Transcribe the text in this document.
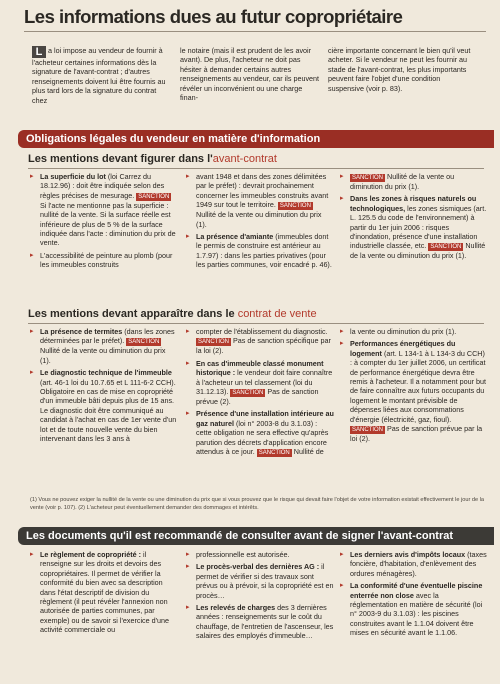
Les informations dues au futur copropriétaire
L a loi impose au vendeur de fournir à l'acheteur certaines informations dès la signature de l'avant-contrat ; d'autres renseignements doivent lui être fournis au plus tard lors de la signature du contrat chez
le notaire (mais il est prudent de les avoir avant). De plus, l'acheteur ne doit pas hésiter à demander certains autres renseignements au vendeur, car ils peuvent révéler un inconvénient ou une charge finan-
cière importante concernant le bien qu'il veut acheter. Si le vendeur ne peut les fournir au stade de l'avant-contrat, les plus importants peuvent faire l'objet d'une condition suspensive (voir p. 83).
Obligations légales du vendeur en matière d'information
Les mentions devant figurer dans l'avant-contrat
▸ La superficie du lot (loi Carrez du 18.12.96) : doit être indiquée selon des règles précises de mesurage. SANCTIONSi l'acte ne mentionne pas la superficie : nullité de la vente. Si la surface réelle est inférieure de plus de 5 % de la surface indiquée dans l'acte : diminution du prix de vente.
▸ L'accessibilité de peinture au plomb (pour les immeubles construits
▸ avant 1948 et dans des zones délimitées par le préfet) : devrait prochainement concerner les immeubles construits avant 1949 sur tout le territoire. SANCTIONNullité de la vente ou diminution du prix (1).
▸ La présence d'amiante (immeubles dont le permis de construire est antérieur au 1.7.97) : dans les parties privatives (pour les parties communes, voir encadré p. 46).
▸ SANCTION Nullité de la vente ou diminution du prix (1).
▸ Dans les zones à risques naturels ou technologiques, les zones sismiques (art. L. 125.5 du code de l'environnement) à partir du 1er juin 2006 : risques d'inondation, présence d'une installation industrielle classée, etc. SANCTION Nullité de la vente ou diminution du prix (1).
Les mentions devant apparaître dans le contrat de vente
▸ La présence de termites (dans les zones déterminées par le préfet). SANCTIONNullité de la vente ou diminution du prix (1).
▸ Le diagnostic technique de l'immeuble (art. 46-1 loi du 10.7.65 et L 111-6-2 CCH). Obligatoire en cas de mise en copropriété d'un immeuble bâti depuis plus de 15 ans. Le diagnostic doit être communiqué au candidat à l'achat en cas de 1er vente d'un lot et de toute nouvelle vente du bien intervenant dans les 3 ans à
▸ compter de l'établissement du diagnostic. SANCTION Pas de sanction spécifique par la loi (2).
▸ En cas d'immeuble classé monument historique : le vendeur doit faire connaître à l'acheteur un tel classement (loi du 31.12.13). SANCTION Pas de sanction prévue (2).
▸ Présence d'une installation intérieure au gaz naturel (loi n° 2003-8 du 3.1.03) : cette obligation ne sera effective qu'après parution des décrets d'application encore attendus à ce jour. SANCTION Nullité de
▸ la vente ou diminution du prix (1).
▸ Performances énergétiques du logement (art. L 134-1 à L 134-3 du CCH) : à compter du 1er juillet 2006, un certificat de performance énergétique devra être remis à l'acheteur. Il a notamment pour but de faire connaître aux futurs occupants du logement le montant prévisible de dépenses liées aux consommations d'énergie (électricité, gaz, fioul). SANCTION Pas de sanction prévue par la loi (2).
(1) Vous ne pouvez exiger la nullité de la vente ou une diminution du prix que si vous prouvez que le risque qui devait faire l'objet de votre information existait effectivement le jour de la vente (voir p. 107). (2) L'acheteur peut éventuellement demander des dommages et intérêts.
Les documents qu'il est recommandé de consulter avant de signer l'avant-contrat
▸ Le règlement de copropriété : il renseigne sur les droits et devoirs des copropriétaires. Il permet de vérifier la conformité du bien avec sa description dans l'état descriptif de division du règlement (il peut révéler l'annexion non autorisée de parties communes, par exemple) ou de savoir si l'exercice d'une activité commerciale ou
▸ professionnelle est autorisée.
▸ Le procès-verbal des dernières AG : il permet de vérifier si des travaux sont prévus ou à prévoir, si la copropriété est en procès…
▸ Les relevés de charges des 3 dernières années : renseignements sur le coût du chauffage, de l'entretien de l'ascenseur, les salaires des employés d'immeuble…
▸ Les derniers avis d'impôts locaux (taxes foncière, d'habitation, d'enlèvement des ordures ménagères).
▸ La conformité d'une éventuelle piscine enterrée non close avec la réglementation en matière de sécurité (loi n° 2003-9 du 3.1.03) : les piscines construites avant le 1.1.04 doivent être mises en sécurité avant le 1.1.06.
